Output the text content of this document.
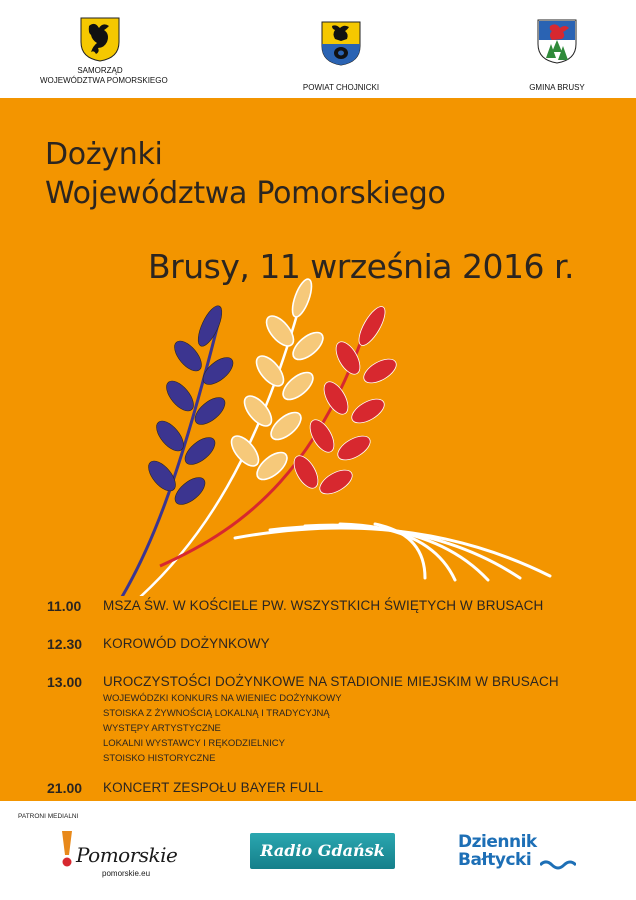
SAMORZĄD
WOJEWÓDZTWA POMORSKIEGO
POWIAT CHOJNICKI	GMINA BRUSY
Dożynki
Województwa Pomorskiego
Brusy, 11 września 2016 r.
11.00 MSZA ŚW. W KOŚCIELE PW. WSZYSTKICH ŚWIĘTYCH W BRUSACH
12.30 KOROWÓD DOŻYNKOWY
13.00 UROCZYSTOŚCI DOŻYNKOWE NA STADIONIE MIEJSKIM W BRUSACH
WOJEWÓDZKI KONKURS NA WIENIEC DOŻYNKOWY
STOISKA Z ŻYWNOŚCIĄ LOKALNĄ I TRADYCYJNĄ
WYSTĘPY ARTYSTYCZNE
LOKALNI WYSTAWCY I RĘKODZIELNICY
STOISKO HISTORYCZNE
21.00 KONCERT ZESPOŁU BAYER FULL
PATRONI MEDIALNI
Pomorskie
pomorskie.eu
Radio Gdańsk	Dziennik
Bałtycki
